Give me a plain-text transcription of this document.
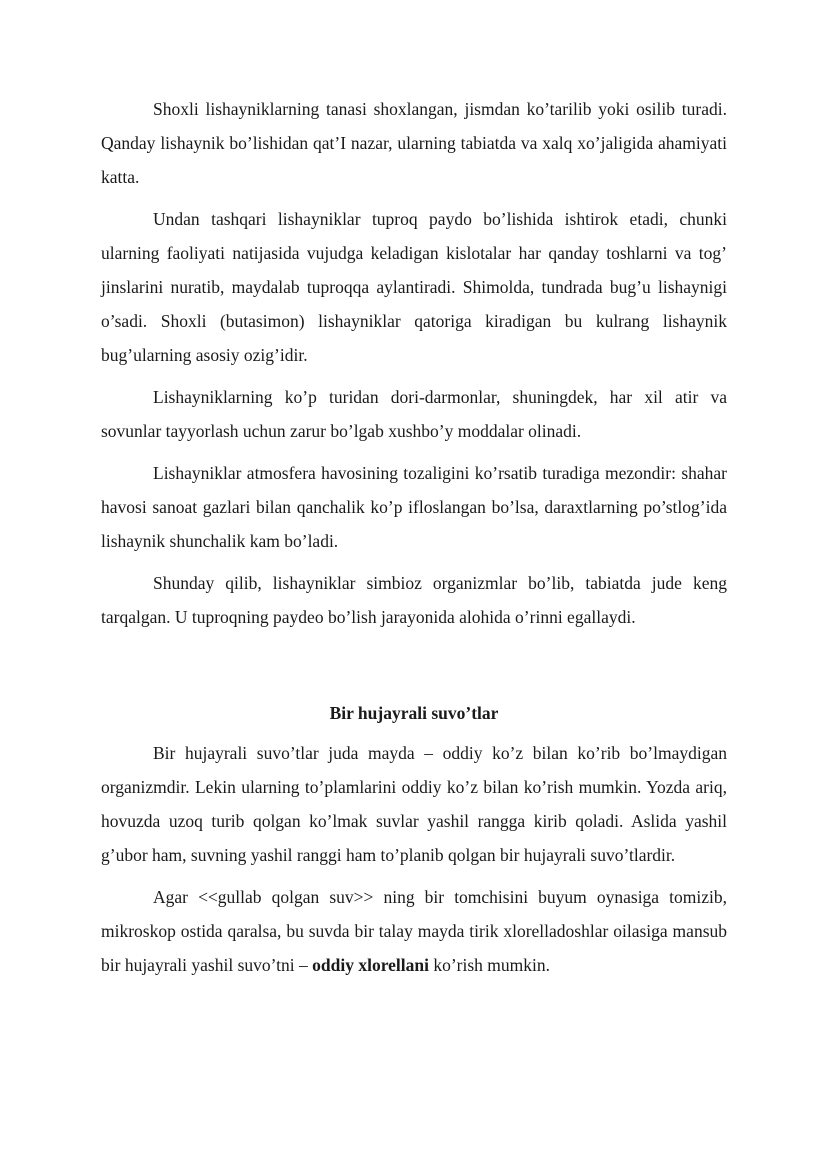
Shoxli lishayniklarning tanasi shoxlangan, jismdan ko’tarilib yoki osilib turadi. Qanday lishaynik bo’lishidan qat’I nazar, ularning tabiatda va xalq xo’jaligida ahamiyati katta.

Undan tashqari lishayniklar tuproq paydo bo’lishida ishtirok etadi, chunki ularning faoliyati natijasida vujudga keladigan kislotalar har qanday toshlarni va tog’ jinslarini nuratib, maydalab tuproqqa aylantiradi. Shimolda, tundrada bug’u lishaynigi o’sadi. Shoxli (butasimon) lishayniklar qatoriga kiradigan bu kulrang lishaynik bug’ularning asosiy ozig’idir.

Lishayniklarning ko’p turidan dori-darmonlar, shuningdek, har xil atir va sovunlar tayyorlash uchun zarur bo’lgab xushbo’y moddalar olinadi.

Lishayniklar atmosfera havosining tozaligini ko’rsatib turadiga mezondir: shahar havosi sanoat gazlari bilan qanchalik ko’p ifloslangan bo’lsa, daraxtlarning po’stlog’ida lishaynik shunchalik kam bo’ladi.

Shunday qilib, lishayniklar simbioz organizmlar bo’lib, tabiatda jude keng tarqalgan. U tuproqning paydeo bo’lish jarayonida alohida o’rinni egallaydi.

Bir hujayrali suvo’tlar

Bir hujayrali suvo’tlar juda mayda – oddiy ko’z bilan ko’rib bo’lmaydigan organizmdir. Lekin ularning to’plamlarini oddiy ko’z bilan ko’rish mumkin. Yozda ariq, hovuzda uzoq turib qolgan ko’lmak suvlar yashil rangga kirib qoladi. Aslida yashil g’ubor ham, suvning yashil ranggi ham to’planib qolgan bir hujayrali suvo’tlardir.

Agar <<gullab qolgan suv>> ning bir tomchisini buyum oynasiga tomizib, mikroskop ostida qaralsa, bu suvda bir talay mayda tirik xlorelladoshlar oilasiga mansub bir hujayrali yashil suvo’tni – oddiy xlorellani ko’rish mumkin.
